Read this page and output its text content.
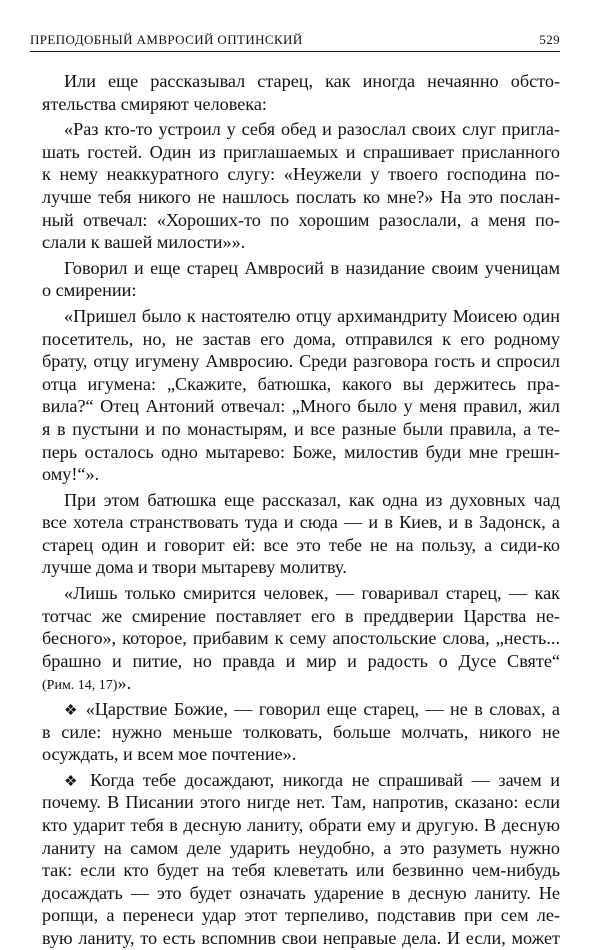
ПРЕПОДОБНЫЙ АМВРОСИЙ ОПТИНСКИЙ	529
Или еще рассказывал старец, как иногда нечаянно обсто-
ятельства смиряют человека:
«Раз кто-то устроил у себя обед и разослал своих слуг пригла-
шать гостей. Один из приглашаемых и спрашивает присланного
к нему неаккуратного слугу: «Неужели у твоего господина по-
лучше тебя никого не нашлось послать ко мне?» На это послан-
ный отвечал: «Хороших-то по хорошим разослали, а меня по-
слали к вашей милости»».
Говорил и еще старец Амвросий в назидание своим ученицам
о смирении:
«Пришел было к настоятелю отцу архимандриту Моисею один
посетитель, но, не застав его дома, отправился к его родному
брату, отцу игумену Амвросию. Среди разговора гость и спросил
отца игумена: „Скажите, батюшка, какого вы держитесь пра-
вила?“ Отец Антоний отвечал: „Много было у меня правил, жил
я в пустыни и по монастырям, и все разные были правила, а те-
перь осталось одно мытарево: Боже, милостив буди мне грешн-
ому!“».
При этом батюшка еще рассказал, как одна из духовных чад
все хотела странствовать туда и сюда — и в Киев, и в Задонск, а
старец один и говорит ей: все это тебе не на пользу, а сиди-ко
лучше дома и твори мытареву молитву.
«Лишь только смирится человек, — говаривал старец, — как
тотчас же смирение поставляет его в преддверии Царства не-
бесного», которое, прибавим к сему апостольские слова, „несть...
брашно и питие, но правда и мир и радость о Дусе Святе“
(Рим. 14, 17)».
❖ «Царствие Божие, — говорил еще старец, — не в словах, а
в силе: нужно меньше толковать, больше молчать, никого не
осуждать, и всем мое почтение».
❖ Когда тебе досаждают, никогда не спрашивай — зачем и
почему. В Писании этого нигде нет. Там, напротив, сказано: если
кто ударит тебя в десную ланиту, обрати ему и другую. В десную
ланиту на самом деле ударить неудобно, а это разуметь нужно
так: если кто будет на тебя клеветать или безвинно чем-нибудь
досаждать — это будет означать ударение в десную ланиту. Не
ропщи, а перенеси удар этот терпеливо, подставив при сем ле-
вую ланиту, то есть вспомнив свои неправые дела. И если, может
